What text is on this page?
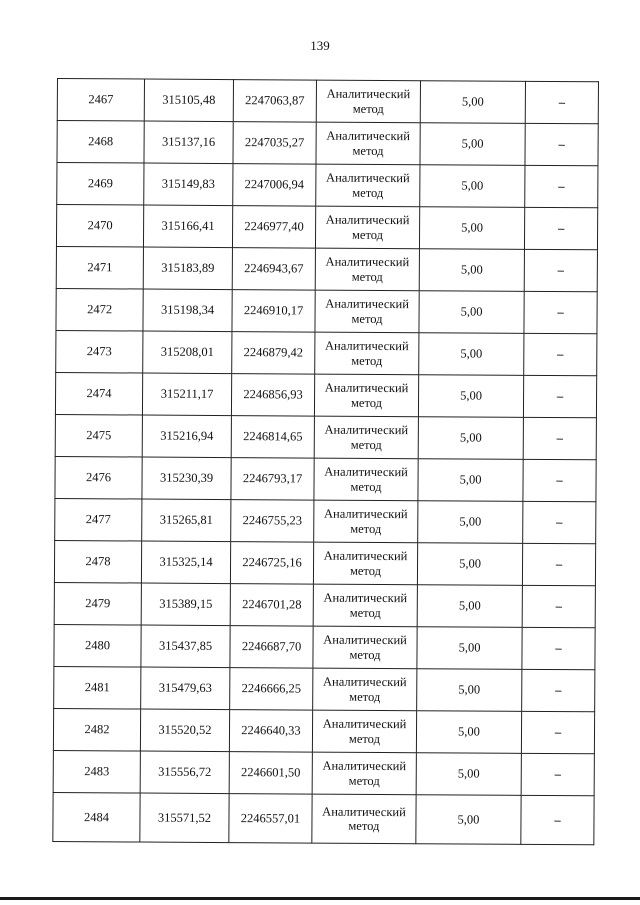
139
2467	315105,48	2247063,87	Аналитический метод	5,00	–
2468	315137,16	2247035,27	Аналитический метод	5,00	–
2469	315149,83	2247006,94	Аналитический метод	5,00	–
2470	315166,41	2246977,40	Аналитический метод	5,00	–
2471	315183,89	2246943,67	Аналитический метод	5,00	–
2472	315198,34	2246910,17	Аналитический метод	5,00	–
2473	315208,01	2246879,42	Аналитический метод	5,00	–
2474	315211,17	2246856,93	Аналитический метод	5,00	–
2475	315216,94	2246814,65	Аналитический метод	5,00	–
2476	315230,39	2246793,17	Аналитический метод	5,00	–
2477	315265,81	2246755,23	Аналитический метод	5,00	–
2478	315325,14	2246725,16	Аналитический метод	5,00	–
2479	315389,15	2246701,28	Аналитический метод	5,00	–
2480	315437,85	2246687,70	Аналитический метод	5,00	–
2481	315479,63	2246666,25	Аналитический метод	5,00	–
2482	315520,52	2246640,33	Аналитический метод	5,00	–
2483	315556,72	2246601,50	Аналитический метод	5,00	–
2484	315571,52	2246557,01	Аналитический метод	5,00	–
